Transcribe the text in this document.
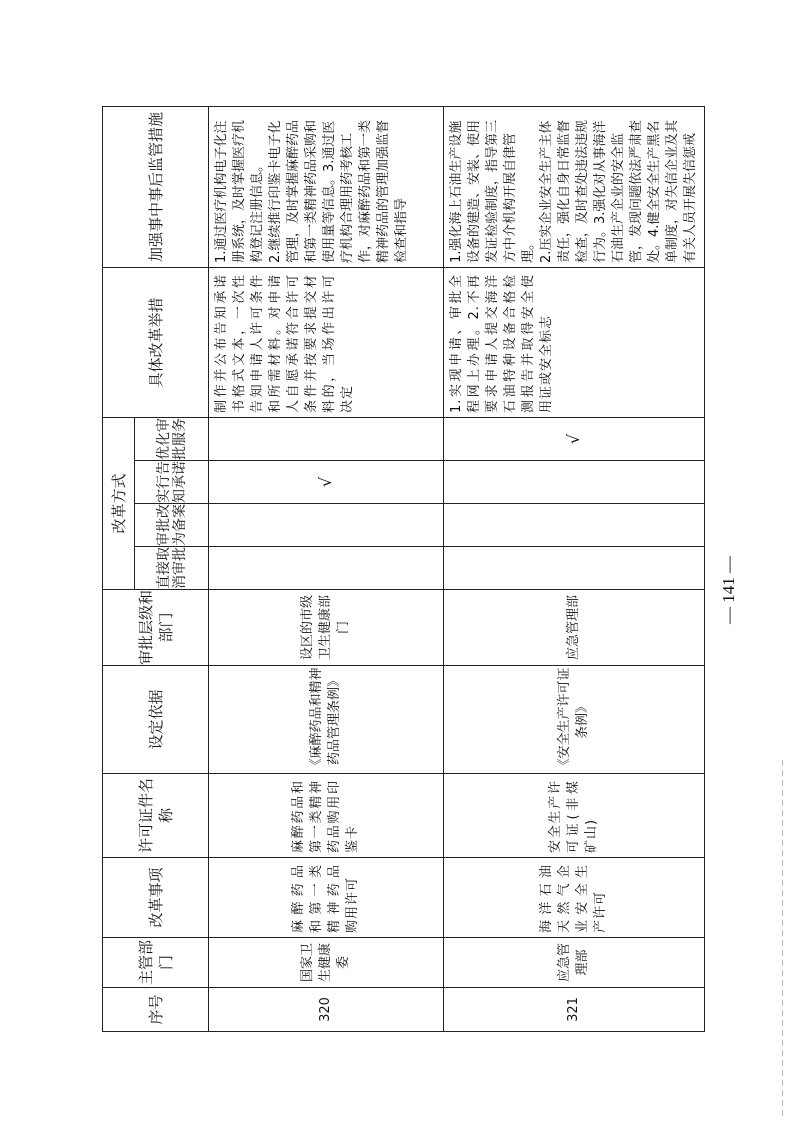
序号	主管部门	改革事项	许可证件名称	设定依据	审批层级和部门	改革方式				具体改革举措	加强事中事后监管措施
						直接取消审批	审批改为备案	实行告知承诺	优化审批服务		
320	国家卫生健康委	麻醉药品和第一类精神药品购用许可	麻醉药品和第一类精神药品购用印鉴卡	《麻醉药品和精神药品管理条例》	设区的市级卫生健康部门			√		制作并公布告知承诺书格式文本，一次性告知申请人许可条件和所需材料。对申请人自愿承诺符合许可条件并按要求提交材料的，当场作出许可决定	1.通过医疗机构电子化注册系统，及时掌握医疗机构登记注册信息。
2.继续推行印鉴卡电子化管理，及时掌握麻醉药品和第一类精神药品采购和使用量等信息。3.通过医疗机构合理用药考核工作，对麻醉药品和第一类精神药品的管理加强监督检查和指导
321	应急管理部	海洋石油天然气企业安全生产许可	安全生产许可证(非煤矿山)	《安全生产许可证条例》	应急管理部				√	1.实现申请、审批全程网上办理。2.不再要求申请人提交海洋石油特种设备合格检测报告并取得安全使用证或安全标志	1.强化海上石油生产设施设备的建造、安装、使用发证检验制度，指导第三方中介机构开展自律管理。
2.压实企业安全生产主体责任，强化自身日常监督检查，及时查处违法违规行为。3.强化对从事海洋石油生产企业的安全监管，发现问题依法严肃查处。4.健全安全生产黑名单制度，对失信企业及其有关人员开展失信惩戒
— 141 —
